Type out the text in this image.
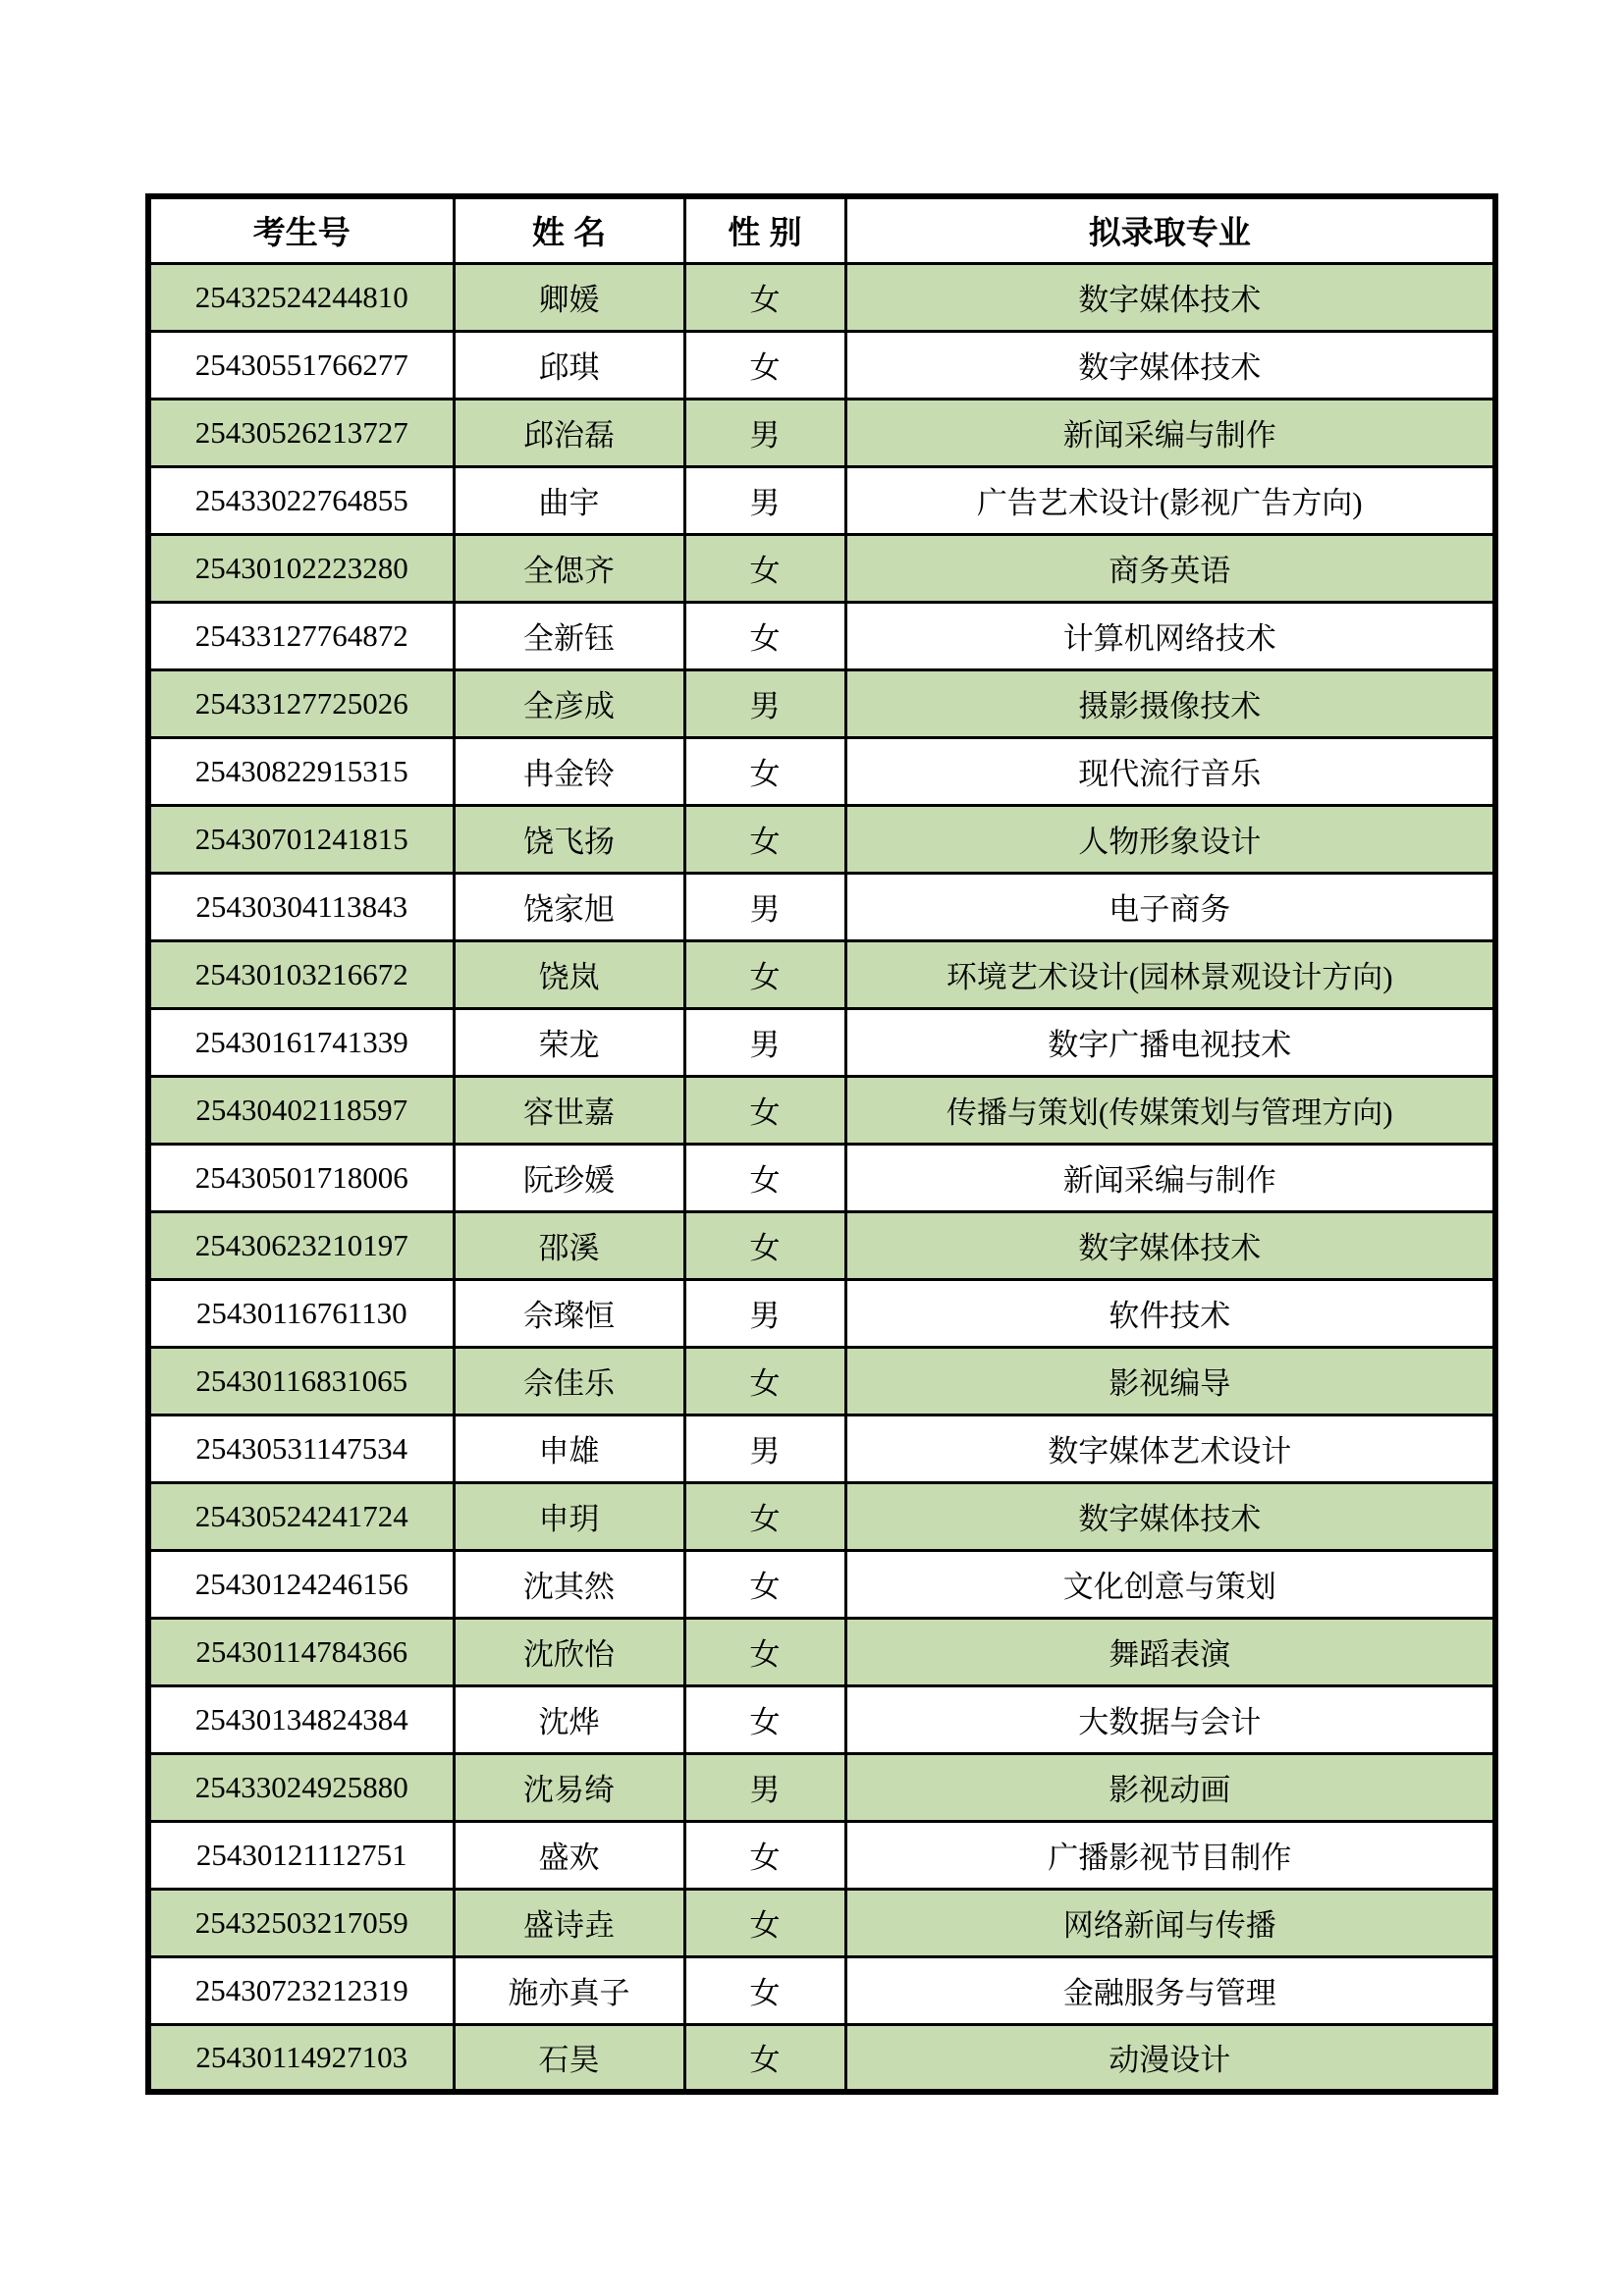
考生号	姓 名	性 别	拟录取专业
25432524244810	卿媛	女	数字媒体技术
25430551766277	邱琪	女	数字媒体技术
25430526213727	邱治磊	男	新闻采编与制作
25433022764855	曲宇	男	广告艺术设计(影视广告方向)
25430102223280	全偲齐	女	商务英语
25433127764872	全新钰	女	计算机网络技术
25433127725026	全彦成	男	摄影摄像技术
25430822915315	冉金铃	女	现代流行音乐
25430701241815	饶飞扬	女	人物形象设计
25430304113843	饶家旭	男	电子商务
25430103216672	饶岚	女	环境艺术设计(园林景观设计方向)
25430161741339	荣龙	男	数字广播电视技术
25430402118597	容世嘉	女	传播与策划(传媒策划与管理方向)
25430501718006	阮珍媛	女	新闻采编与制作
25430623210197	邵溪	女	数字媒体技术
25430116761130	佘璨恒	男	软件技术
25430116831065	佘佳乐	女	影视编导
25430531147534	申雄	男	数字媒体艺术设计
25430524241724	申玥	女	数字媒体技术
25430124246156	沈其然	女	文化创意与策划
25430114784366	沈欣怡	女	舞蹈表演
25430134824384	沈烨	女	大数据与会计
25433024925880	沈易绮	男	影视动画
25430121112751	盛欢	女	广播影视节目制作
25432503217059	盛诗垚	女	网络新闻与传播
25430723212319	施亦真子	女	金融服务与管理
25430114927103	石昊	女	动漫设计
